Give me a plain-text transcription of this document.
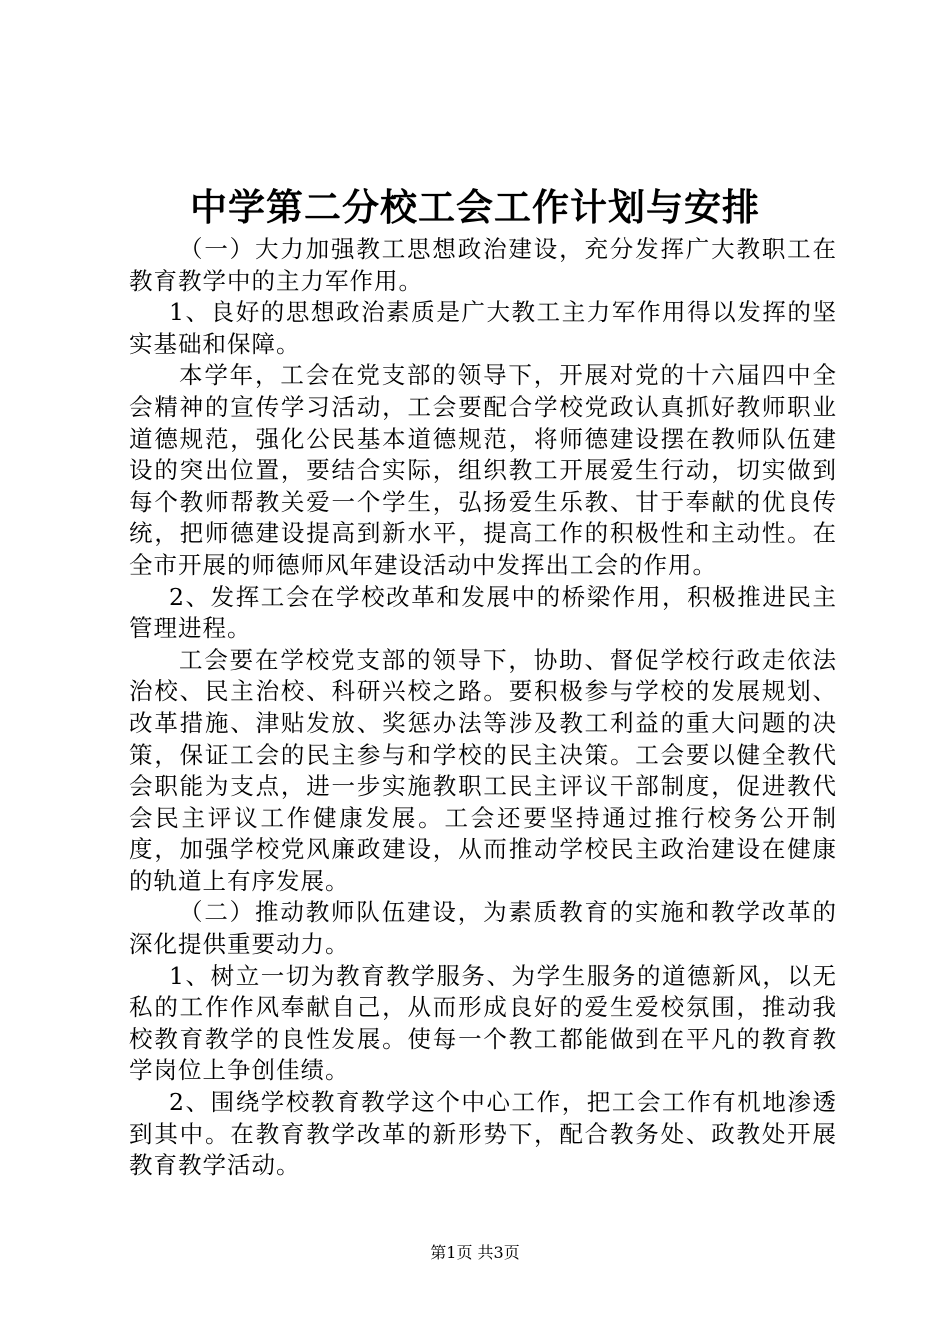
中学第二分校工会工作计划与安排

（一）大力加强教工思想政治建设，充分发挥广大教职工在教育教学中的主力军作用。

1、良好的思想政治素质是广大教工主力军作用得以发挥的坚实基础和保障。

本学年，工会在党支部的领导下，开展对党的十六届四中全会精神的宣传学习活动，工会要配合学校党政认真抓好教师职业道德规范，强化公民基本道德规范，将师德建设摆在教师队伍建设的突出位置，要结合实际，组织教工开展爱生行动，切实做到每个教师帮教关爱一个学生，弘扬爱生乐教、甘于奉献的优良传统，把师德建设提高到新水平，提高工作的积极性和主动性。在全市开展的师德师风年建设活动中发挥出工会的作用。

2、发挥工会在学校改革和发展中的桥梁作用，积极推进民主管理进程。

工会要在学校党支部的领导下，协助、督促学校行政走依法治校、民主治校、科研兴校之路。要积极参与学校的发展规划、改革措施、津贴发放、奖惩办法等涉及教工利益的重大问题的决策，保证工会的民主参与和学校的民主决策。工会要以健全教代会职能为支点，进一步实施教职工民主评议干部制度，促进教代会民主评议工作健康发展。工会还要坚持通过推行校务公开制度，加强学校党风廉政建设，从而推动学校民主政治建设在健康的轨道上有序发展。

（二）推动教师队伍建设，为素质教育的实施和教学改革的深化提供重要动力。

1、树立一切为教育教学服务、为学生服务的道德新风，以无私的工作作风奉献自己，从而形成良好的爱生爱校氛围，推动我校教育教学的良性发展。使每一个教工都能做到在平凡的教育教学岗位上争创佳绩。

2、围绕学校教育教学这个中心工作，把工会工作有机地渗透到其中。在教育教学改革的新形势下，配合教务处、政教处开展教育教学活动。

第1页 共3页
